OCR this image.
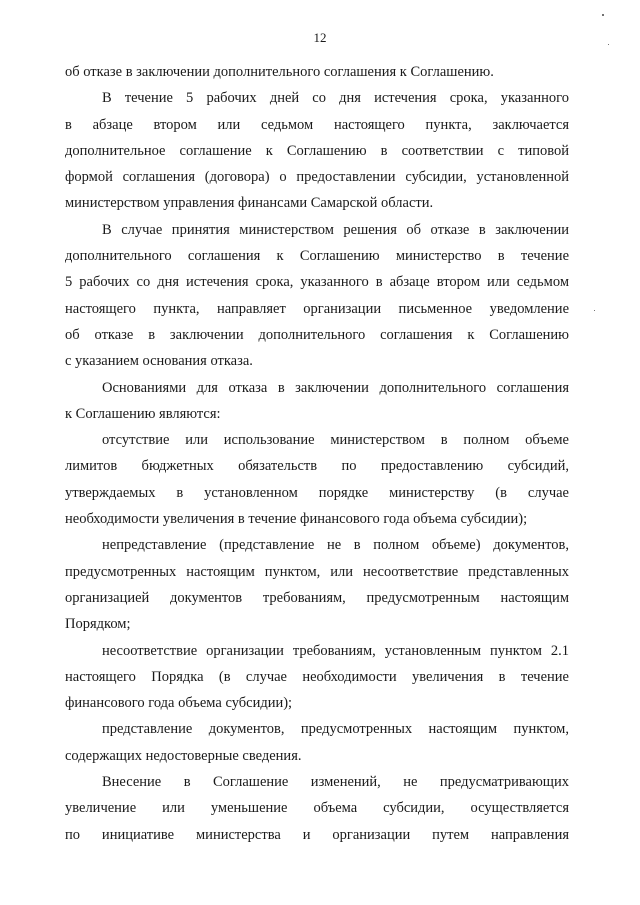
12
об отказе в заключении дополнительного соглашения к Соглашению.
В течение 5 рабочих дней со дня истечения срока, указанного
в абзаце втором или седьмом настоящего пункта, заключается
дополнительное соглашение к Соглашению в соответствии с типовой
формой соглашения (договора) о предоставлении субсидии, установленной
министерством управления финансами Самарской области.
В случае принятия министерством решения об отказе в заключении
дополнительного соглашения к Соглашению министерство в течение
5 рабочих со дня истечения срока, указанного в абзаце втором или седьмом
настоящего пункта, направляет организации письменное уведомление
об отказе в заключении дополнительного соглашения к Соглашению
с указанием основания отказа.
Основаниями для отказа в заключении дополнительного соглашения
к Соглашению являются:
отсутствие или использование министерством в полном объеме
лимитов бюджетных обязательств по предоставлению субсидий,
утверждаемых в установленном порядке министерству (в случае
необходимости увеличения в течение финансового года объема субсидии);
непредставление (представление не в полном объеме) документов,
предусмотренных настоящим пунктом, или несоответствие представленных
организацией документов требованиям, предусмотренным настоящим
Порядком;
несоответствие организации требованиям, установленным пунктом 2.1
настоящего Порядка (в случае необходимости увеличения в течение
финансового года объема субсидии);
представление документов, предусмотренных настоящим пунктом,
содержащих недостоверные сведения.
Внесение в Соглашение изменений, не предусматривающих
увеличение или уменьшение объема субсидии, осуществляется
по инициативе министерства и организации путем направления
